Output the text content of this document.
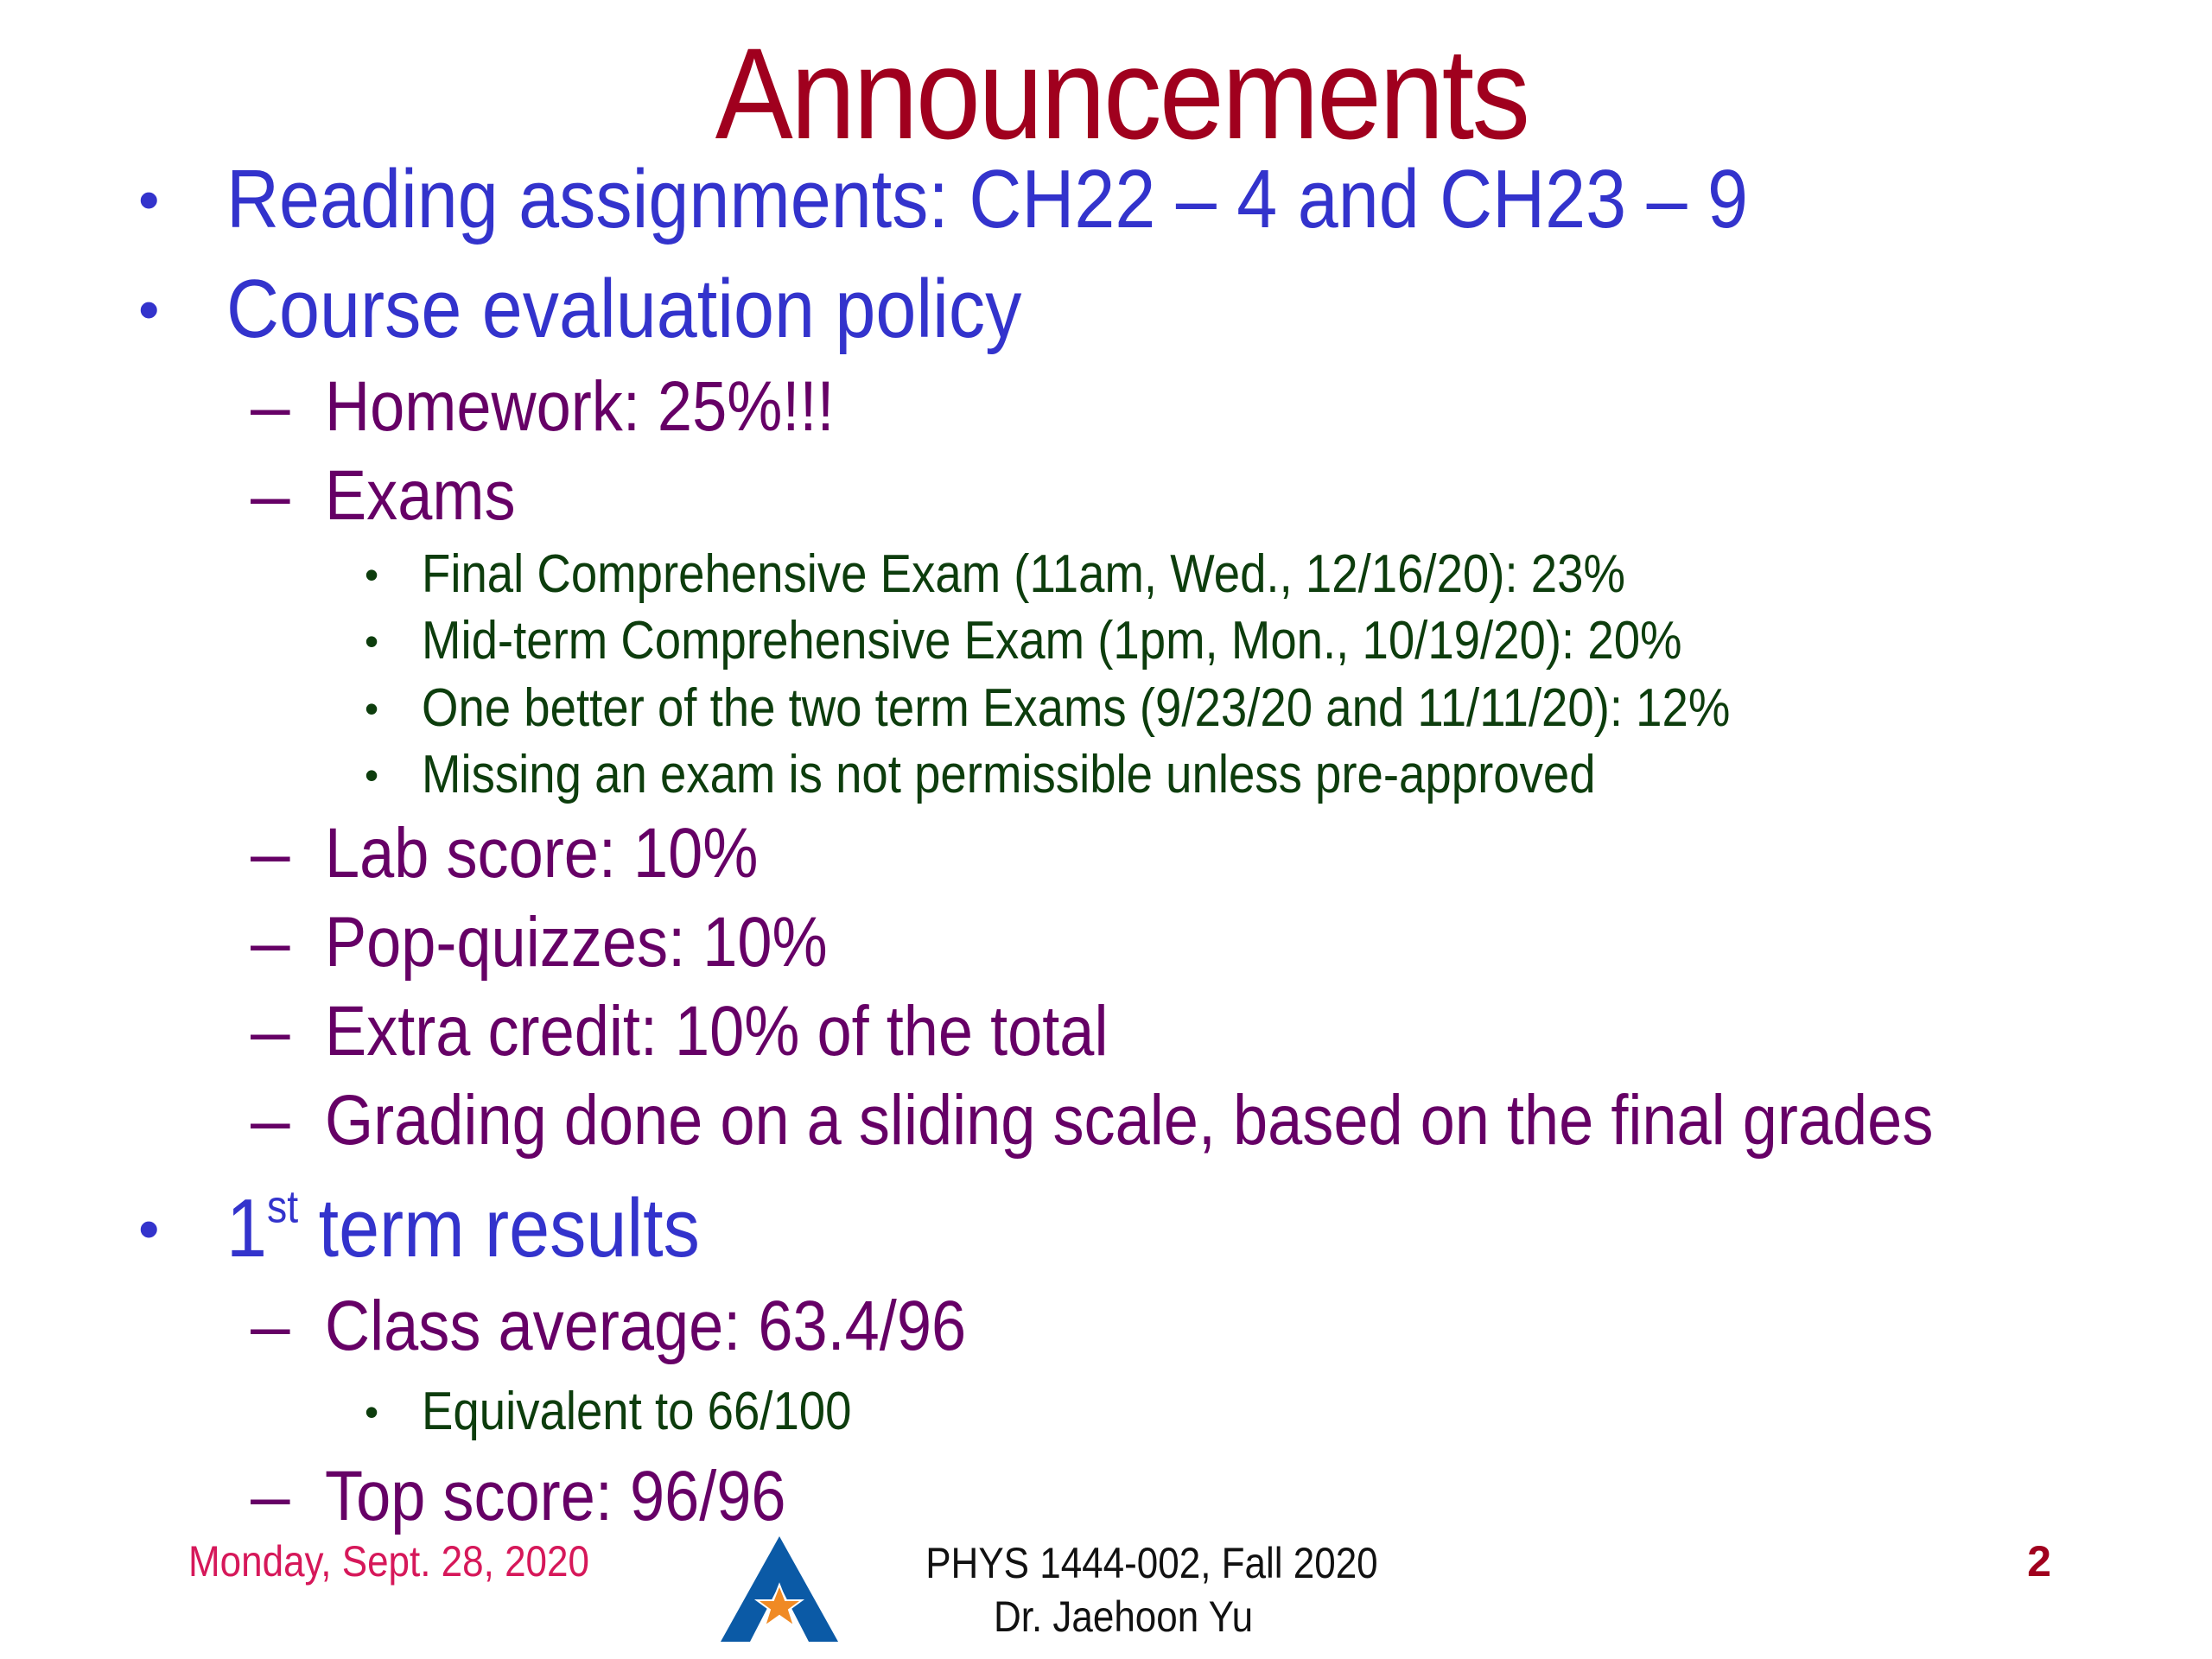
Announcements
• Reading assignments: CH22 – 4 and CH23 – 9
• Course evaluation policy
– Homework: 25%!!!
– Exams
• Final Comprehensive Exam (11am, Wed., 12/16/20): 23%
• Mid-term Comprehensive Exam (1pm, Mon., 10/19/20): 20%
• One better of the two term Exams (9/23/20 and 11/11/20): 12%
• Missing an exam is not permissible unless pre-approved
– Lab score: 10%
– Pop-quizzes: 10%
– Extra credit: 10% of the total
– Grading done on a sliding scale, based on the final grades
• 1st term results
– Class average: 63.4/96
• Equivalent to 66/100
– Top score: 96/96
Monday, Sept. 28, 2020	PHYS 1444-002, Fall 2020
Dr. Jaehoon Yu
2
